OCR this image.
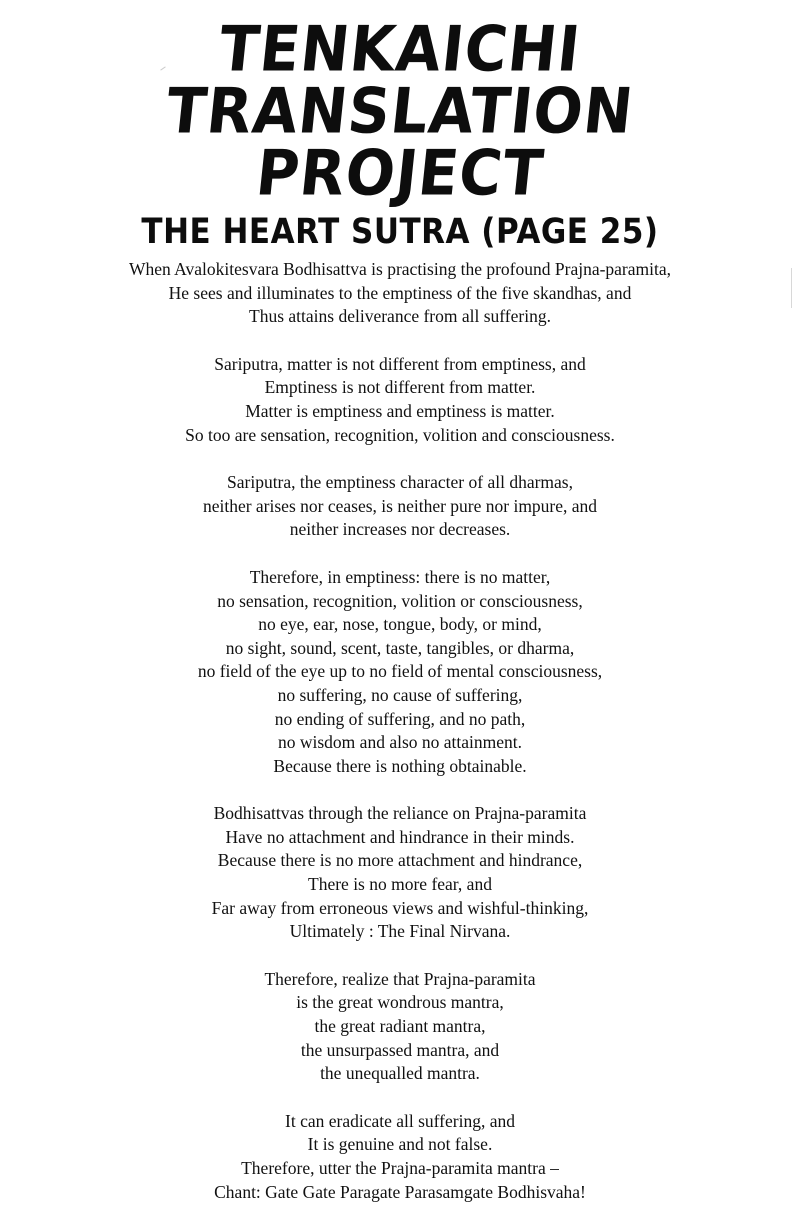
TENKAICHI
TRANSLATION
PROJECT
THE HEART SUTRA (PAGE 25)
When Avalokitesvara Bodhisattva is practising the profound Prajna-paramita,
He sees and illuminates to the emptiness of the five skandhas, and
Thus attains deliverance from all suffering.
Sariputra, matter is not different from emptiness, and
Emptiness is not different from matter.
Matter is emptiness and emptiness is matter.
So too are sensation, recognition, volition and consciousness.
Sariputra, the emptiness character of all dharmas,
neither arises nor ceases, is neither pure nor impure, and
neither increases nor decreases.
Therefore, in emptiness: there is no matter,
no sensation, recognition, volition or consciousness,
no eye, ear, nose, tongue, body, or mind,
no sight, sound, scent, taste, tangibles, or dharma,
no field of the eye up to no field of mental consciousness,
no suffering, no cause of suffering,
no ending of suffering, and no path,
no wisdom and also no attainment.
Because there is nothing obtainable.
Bodhisattvas through the reliance on Prajna-paramita
Have no attachment and hindrance in their minds.
Because there is no more attachment and hindrance,
There is no more fear, and
Far away from erroneous views and wishful-thinking,
Ultimately : The Final Nirvana.
Therefore, realize that Prajna-paramita
is the great wondrous mantra,
the great radiant mantra,
the unsurpassed mantra, and
the unequalled mantra.
It can eradicate all suffering, and
It is genuine and not false.
Therefore, utter the Prajna-paramita mantra –
Chant: Gate Gate Paragate Parasamgate Bodhisvaha!
